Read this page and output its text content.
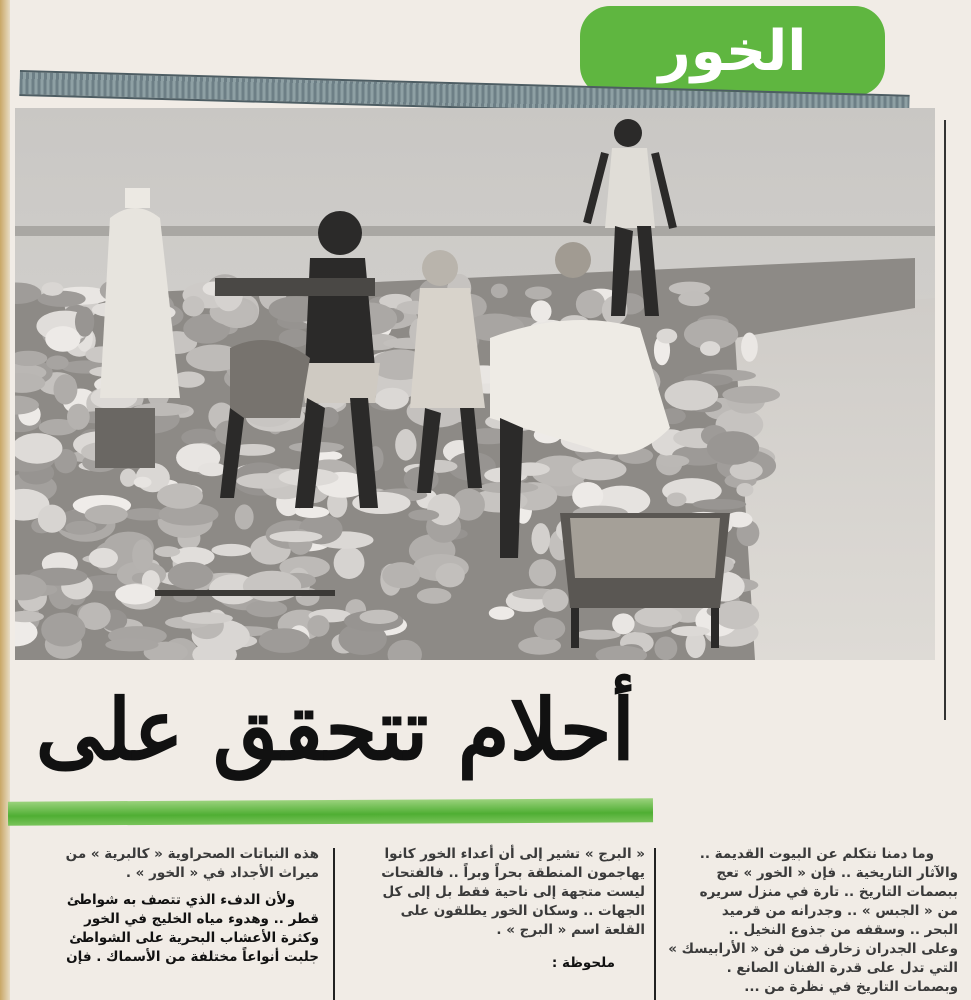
الخور
أحلام تتحقق على

وما دمنا نتكلم عن البيوت القديمة ..

والآثار التاريخية .. فإن « الخور » تعج

ببصمات التاريخ .. تارة في منزل سريره

من « الجبس » .. وجدرانه من قرميد

البحر .. وسقفه من جذوع النخيل ..

وعلى الجدران زخارف من فن « الأرابيسك »

التي تدل على قدرة الفنان الصانع .

وبصمات التاريخ في نظرة من ...

« البرج » تشير إلى أن أعداء الخور كانوا

يهاجمون المنطقة بحراً وبراً .. فالفتحات

ليست متجهة إلى ناحية فقط بل إلى كل

الجهات .. وسكان الخور يطلقون على

القلعة اسم « البرج » .

ملحوظة :

هذه النباتات الصحراوية « كالبرية » من

ميراث الأجداد في « الخور » .

ولأن الدفء الذي تتصف به شواطئ

قطر .. وهدوء مياه الخليج في الخور

وكثرة الأعشاب البحرية على الشواطئ

جلبت أنواعاً مختلفة من الأسماك . فإن
